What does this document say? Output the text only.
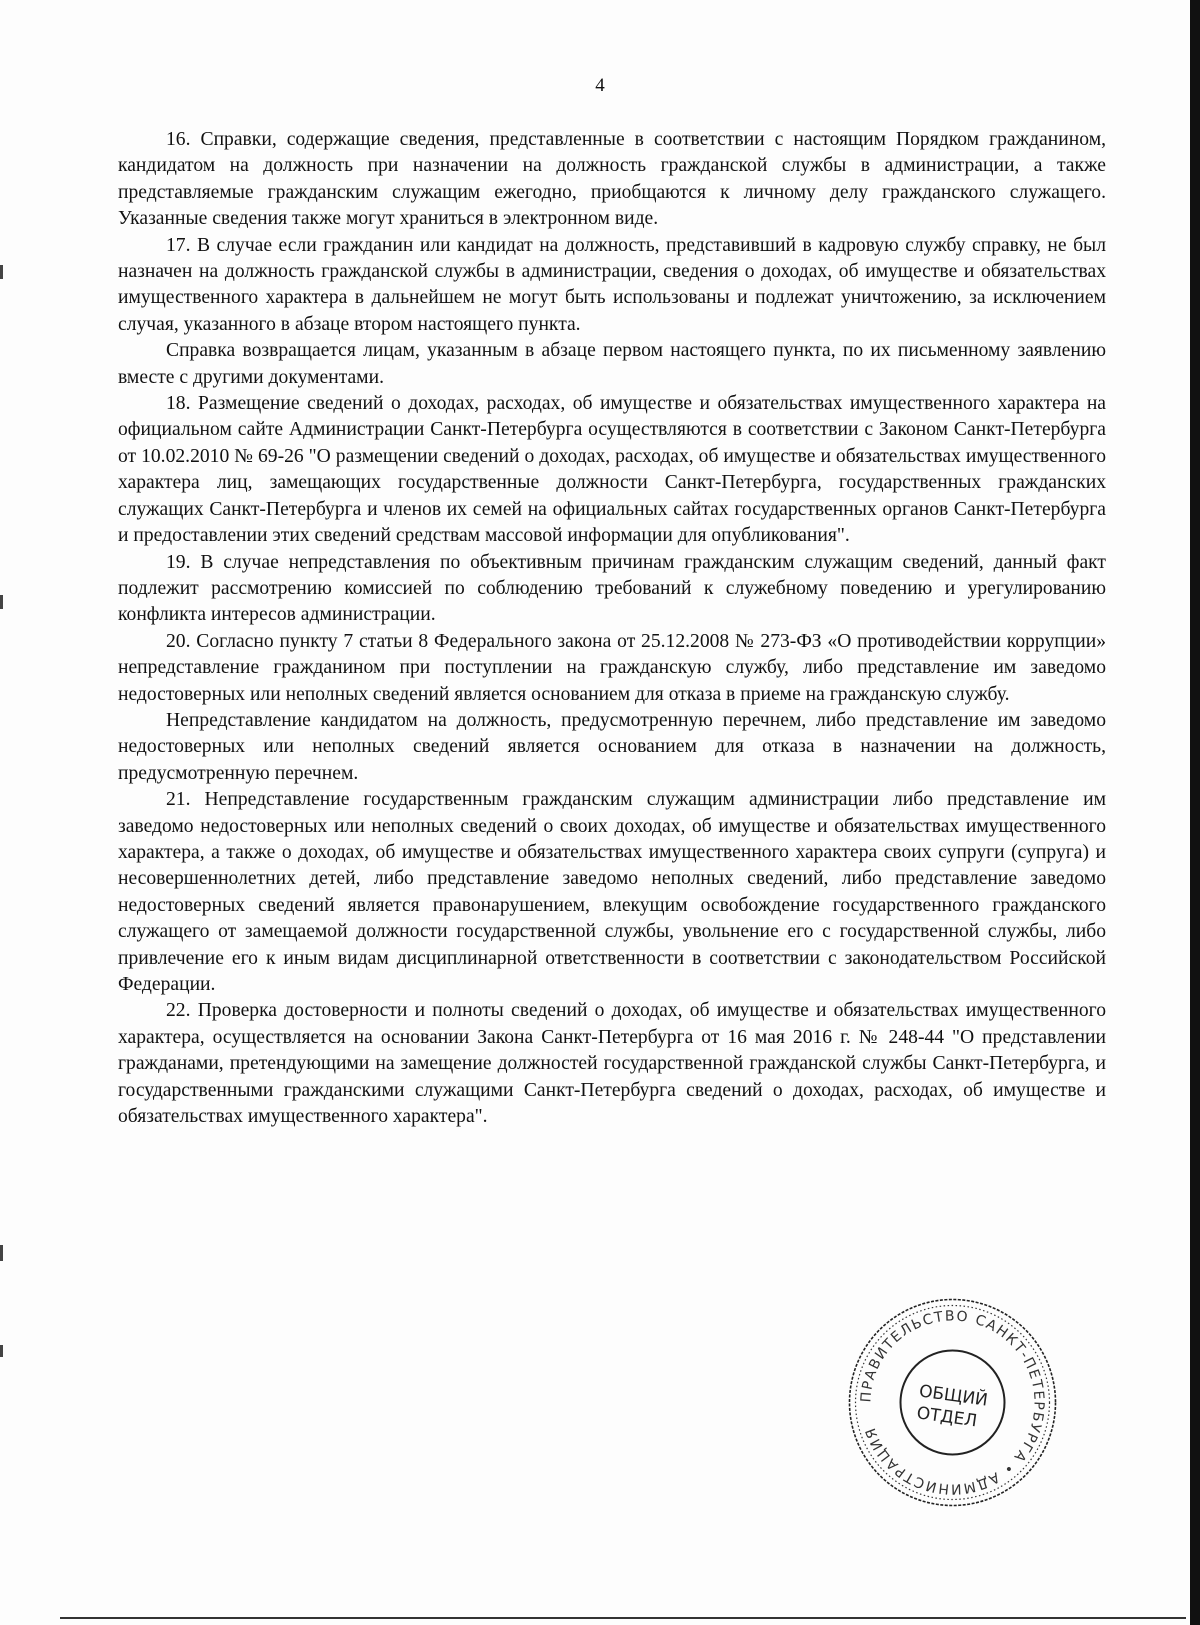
4

16. Справки, содержащие сведения, представленные в соответствии с настоящим Порядком гражданином, кандидатом на должность при назначении на должность гражданской службы в администрации, а также представляемые гражданским служащим ежегодно, приобщаются к личному делу гражданского служащего. Указанные сведения также могут храниться в электронном виде.

17. В случае если гражданин или кандидат на должность, представивший в кадровую службу справку, не был назначен на должность гражданской службы в администрации, сведения о доходах, об имуществе и обязательствах имущественного характера в дальнейшем не могут быть использованы и подлежат уничтожению, за исключением случая, указанного в абзаце втором настоящего пункта.

Справка возвращается лицам, указанным в абзаце первом настоящего пункта, по их письменному заявлению вместе с другими документами.

18. Размещение сведений о доходах, расходах, об имуществе и обязательствах имущественного характера на официальном сайте Администрации Санкт-Петербурга осуществляются в соответствии с Законом Санкт-Петербурга от 10.02.2010 № 69-26 "О размещении сведений о доходах, расходах, об имуществе и обязательствах имущественного характера лиц, замещающих государственные должности Санкт-Петербурга, государственных гражданских служащих Санкт-Петербурга и членов их семей на официальных сайтах государственных органов Санкт-Петербурга и предоставлении этих сведений средствам массовой информации для опубликования".

19. В случае непредставления по объективным причинам гражданским служащим сведений, данный факт подлежит рассмотрению комиссией по соблюдению требований к служебному поведению и урегулированию конфликта интересов администрации.

20. Согласно пункту 7 статьи 8 Федерального закона от 25.12.2008 № 273-ФЗ «О противодействии коррупции» непредставление гражданином при поступлении на гражданскую службу, либо представление им заведомо недостоверных или неполных сведений является основанием для отказа в приеме на гражданскую службу.

Непредставление кандидатом на должность, предусмотренную перечнем, либо представление им заведомо недостоверных или неполных сведений является основанием для отказа в назначении на должность, предусмотренную перечнем.

21. Непредставление государственным гражданским служащим администрации либо представление им заведомо недостоверных или неполных сведений о своих доходах, об имуществе и обязательствах имущественного характера, а также о доходах, об имуществе и обязательствах имущественного характера своих супруги (супруга) и несовершеннолетних детей, либо представление заведомо неполных сведений, либо представление заведомо недостоверных сведений является правонарушением, влекущим освобождение государственного гражданского служащего от замещаемой должности государственной службы, увольнение его с государственной службы, либо привлечение его к иным видам дисциплинарной ответственности в соответствии с законодательством Российской Федерации.

22. Проверка достоверности и полноты сведений о доходах, об имуществе и обязательствах имущественного характера, осуществляется на основании Закона Санкт-Петербурга от 16 мая 2016 г. № 248-44 "О представлении гражданами, претендующими на замещение должностей государственной гражданской службы Санкт-Петербурга, и государственными гражданскими служащими Санкт-Петербурга сведений о доходах, расходах, об имуществе и обязательствах имущественного характера".

ПРАВИТЕЛЬСТВО САНКТ-ПЕТЕРБУРГА • АДМИНИСТРАЦИЯ
ОБЩИЙ
ОТДЕЛ
